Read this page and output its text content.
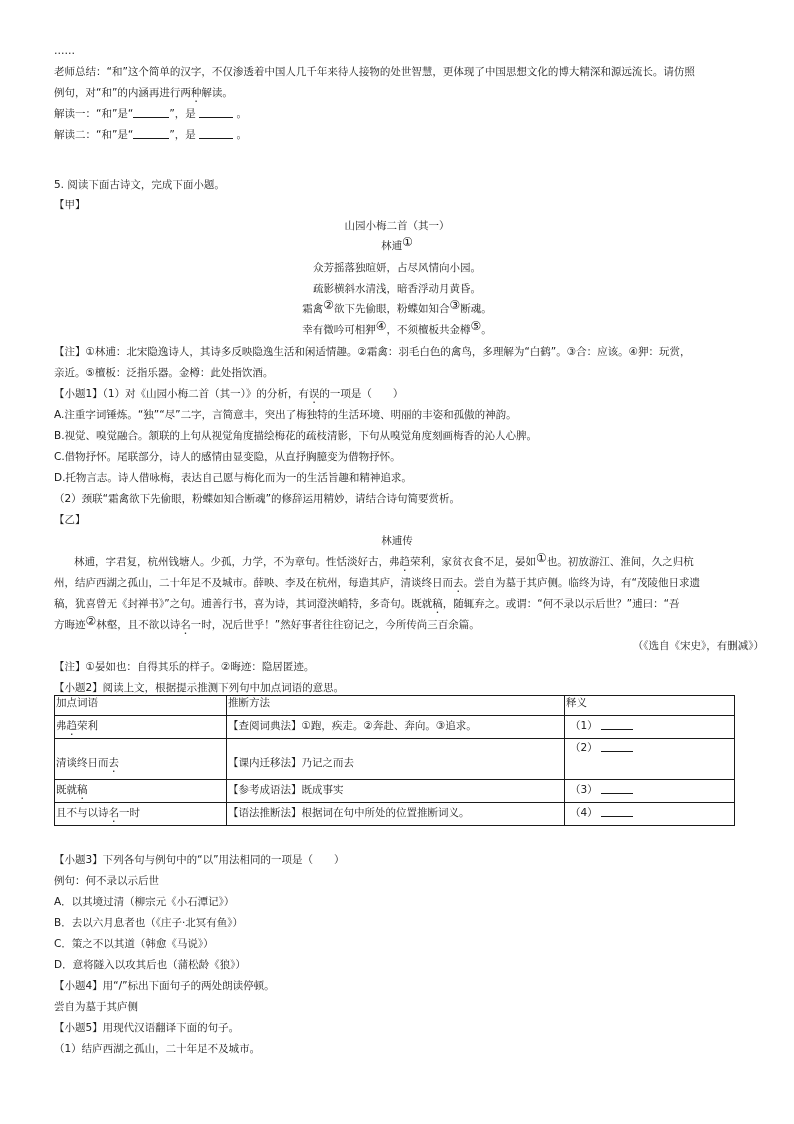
……
老师总结：“和”这个简单的汉字，不仅渗透着中国人几千年来待人接物的处世智慧，更体现了中国思想文化的博大精深和源远流长。请仿照
例句，对“和”的内涵再进行两种解读。
解读一：“和”是“	”，是	。
解读二：“和”是“	”，是	。
5. 阅读下面古诗文，完成下面小题。
【甲】
山园小梅二首（其一）
林逋①
众芳摇落独暄妍，占尽风情向小园。
疏影横斜水清浅，暗香浮动月黄昏。
霜禽②欲下先偷眼，粉蝶如知合③断魂。
幸有微吟可相狎④，不须檀板共金樽⑤。
【注】①林逋：北宋隐逸诗人，其诗多反映隐逸生活和闲适情趣。②霜禽：羽毛白色的禽鸟，多理解为“白鹤”。③合：应该。④狎：玩赏，
亲近。⑤檀板：泛指乐器。金樽：此处指饮酒。
【小题1】（1）对《山园小梅二首（其一）》的分析，有误的一项是（　　）
A.注重字词锤炼。“独”“尽”二字，言简意丰，突出了梅独特的生活环境、明丽的丰姿和孤傲的神韵。
B.视觉、嗅觉融合。颔联的上句从视觉角度描绘梅花的疏枝清影，下句从嗅觉角度刻画梅香的沁人心脾。
C.借物抒怀。尾联部分，诗人的感情由显变隐，从直抒胸臆变为借物抒怀。
D.托物言志。诗人借咏梅，表达自己愿与梅化而为一的生活旨趣和精神追求。
（2）颈联“霜禽欲下先偷眼，粉蝶如知合断魂”的修辞运用精妙，请结合诗句简要赏析。
【乙】
林逋传
林逋，字君复，杭州钱塘人。少孤，力学，不为章句。性恬淡好古，弗趋荣利，家贫衣食不足，晏如①也。初放游江、淮间，久之归杭
州，结庐西湖之孤山，二十年足不及城市。薛映、李及在杭州，每造其庐，清谈终日而去。尝自为墓于其庐侧。临终为诗，有“茂陵他日求遗
稿，犹喜曾无《封禅书》”之句。逋善行书，喜为诗，其词澄浃峭特，多奇句。既就稿，随辄弃之。或谓：“何不录以示后世？”逋曰：“吾
方晦迹②林壑，且不欲以诗名一时，况后世乎！”然好事者往往窃记之，今所传尚三百余篇。
（《选自《宋史》，有删减》）
【注】①晏如也：自得其乐的样子。②晦迹：隐居匿迹。
【小题2】阅读上文，根据提示推测下列句中加点词语的意思。
加点词语	推断方法	释义

弗趋荣利	【查阅词典法】①跑，疾走。②奔赴、奔向。③追求。	（1）

清谈终日而去	【课内迁移法】乃记之而去	（2）

既就稿	【参考成语法】既成事实	（3）

且不与以诗名一时	【语法推断法】根据词在句中所处的位置推断词义。	（4）
【小题3】下列各句与例句中的“以”用法相同的一项是（　　）
例句：何不录以示后世
A．以其境过清（柳宗元《小石潭记》）
B．去以六月息者也（《庄子·北冥有鱼》）
C．策之不以其道（韩愈《马说》）
D．意将隧入以攻其后也（蒲松龄《狼》）
【小题4】用“/”标出下面句子的两处朗读停顿。
尝自为墓于其庐侧
【小题5】用现代汉语翻译下面的句子。
（1）结庐西湖之孤山，二十年足不及城市。
